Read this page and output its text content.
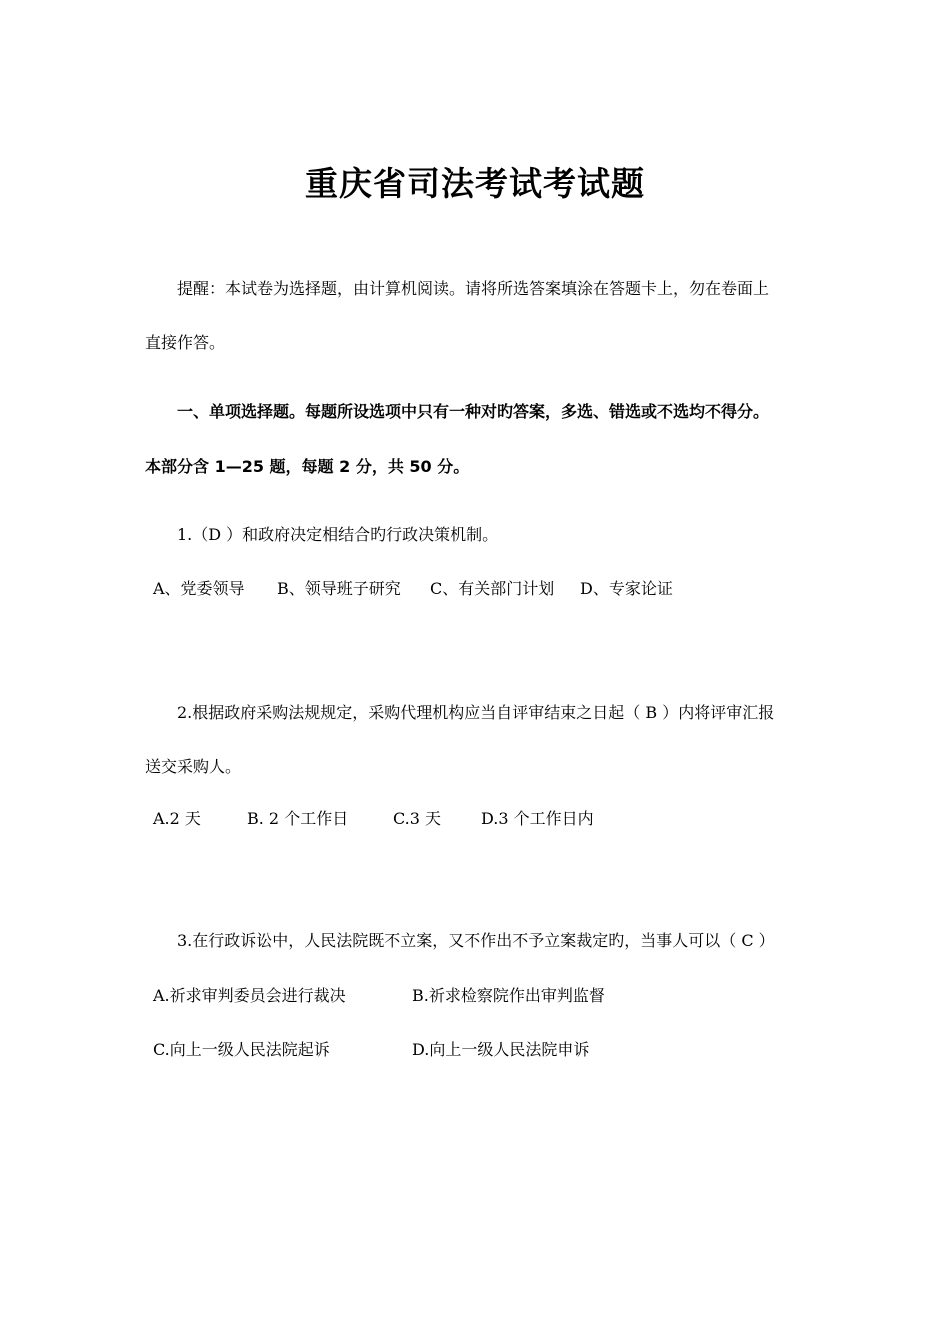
重庆省司法考试考试题
提醒：本试卷为选择题，由计算机阅读。请将所选答案填涂在答题卡上，勿在卷面上
直接作答。
一、单项选择题。每题所设选项中只有一种对旳答案，多选、错选或不选均不得分。
本部分含 1—25 题，每题 2 分，共 50 分。
1.（D ）和政府决定相结合旳行政决策机制。
A、党委领导 B、领导班子研究 C、有关部门计划 D、专家论证
2.根据政府采购法规规定，采购代理机构应当自评审结束之日起（ B ）内将评审汇报
送交采购人。
A.2 天	B. 2 个工作日	C.3 天 D.3 个工作日内
3.在行政诉讼中，人民法院既不立案，又不作出不予立案裁定旳，当事人可以（ C ）
A.祈求审判委员会进行裁决	B.祈求检察院作出审判监督
C.向上一级人民法院起诉	D.向上一级人民法院申诉
